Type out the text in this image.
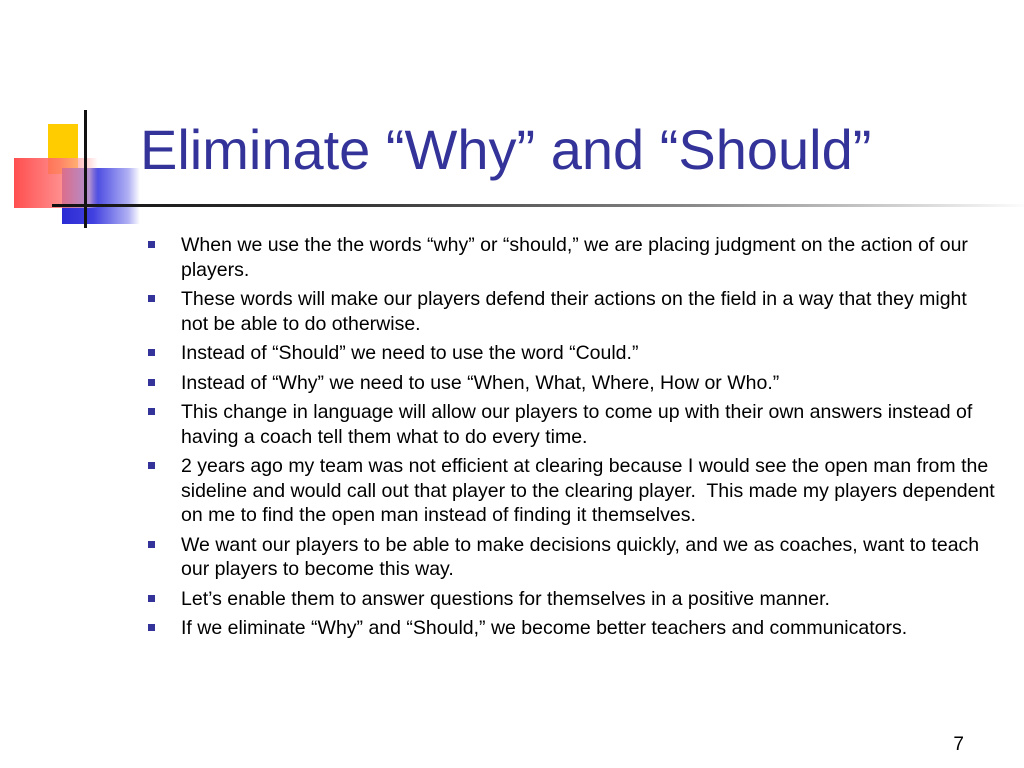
Eliminate “Why” and “Should”
When we use the the words “why” or “should,” we are placing judgment on the action of our players.
These words will make our players defend their actions on the field in a way that they might not be able to do otherwise.
Instead of “Should” we need to use the word “Could.”
Instead of “Why” we need to use “When, What, Where, How or Who.”
This change in language will allow our players to come up with their own answers instead of having a coach tell them what to do every time.
2 years ago my team was not efficient at clearing because I would see the open man from the sideline and would call out that player to the clearing player.  This made my players dependent on me to find the open man instead of finding it themselves.
We want our players to be able to make decisions quickly, and we as coaches, want to teach our players to become this way.
Let’s enable them to answer questions for themselves in a positive manner.
If we eliminate “Why” and “Should,” we become better teachers and communicators.
7
